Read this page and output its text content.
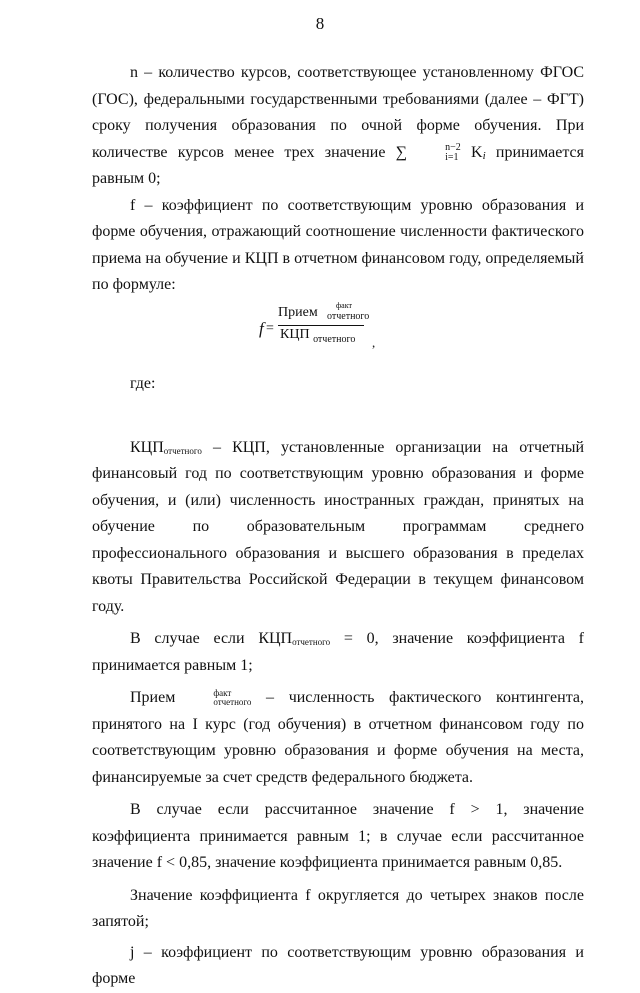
8

n – количество курсов, соответствующее установленному ФГОС (ГОС), федеральными государственными требованиями (далее – ФГТ) сроку получения образования по очной форме обучения. При количестве курсов менее трех значение ∑	n−2
i=1 Ki принимается равным 0;

f – коэффициент по соответствующим уровню образования и форме обучения, отражающий соотношение численности фактического приема на обучение и КЦП в отчетном финансовом году, определяемый по формуле:

f =
Прием факт
отчетного
КЦП $_{отчетного}$ ,

где:

$КЦП_{отчетного}$ – КЦП, установленные организации на отчетный финансовый год по соответствующим уровню образования и форме обучения, и (или) численность иностранных граждан, принятых на обучение по образовательным программам среднего профессионального образования и высшего образования в пределах квоты Правительства Российской Федерации в текущем финансовом году.

В случае если $КЦП_{отчетного} = 0$, значение коэффициента f принимается равным 1;

Прием	факт
отчетного – численность фактического контингента, принятого на I курс (год обучения) в отчетном финансовом году по соответствующим уровню образования и форме обучения на места, финансируемые за счет средств федерального бюджета.

В случае если рассчитанное значение f > 1, значение коэффициента принимается равным 1; в случае если рассчитанное значение f < 0,85, значение коэффициента принимается равным 0,85.

Значение коэффициента f округляется до четырех знаков после запятой;

j – коэффициент по соответствующим уровню образования и форме
